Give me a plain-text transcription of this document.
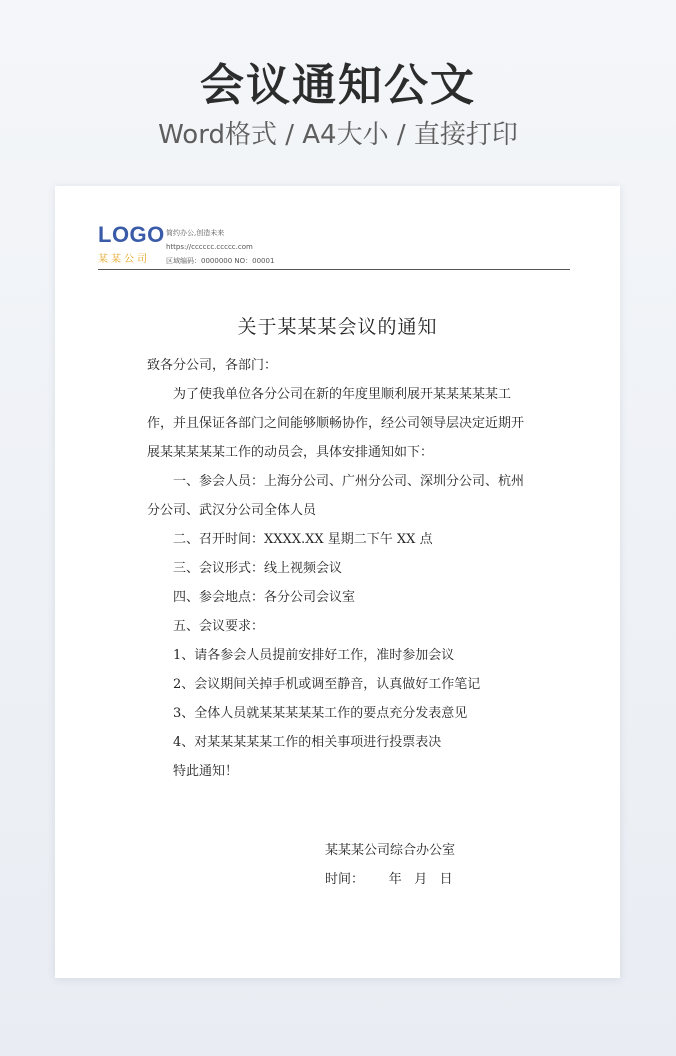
会议通知公文
Word格式 / A4大小 / 直接打印
LOGO
某某公司
简约办公,创造未来
https://cccccc.ccccc.com
区域编码：0000000 NO：00001
关于某某某会议的通知

致各分公司，各部门：

为了使我单位各分公司在新的年度里顺利展开某某某某某工作，并且保证各部门之间能够顺畅协作，经公司领导层决定近期开展某某某某某工作的动员会，具体安排通知如下：

一、参会人员：上海分公司、广州分公司、深圳分公司、杭州分公司、武汉分公司全体人员

二、召开时间：XXXX.XX 星期二下午 XX 点

三、会议形式：线上视频会议

四、参会地点：各分公司会议室

五、会议要求：

1、请各参会人员提前安排好工作，准时参加会议

2、会议期间关掉手机或调至静音，认真做好工作笔记

3、全体人员就某某某某某工作的要点充分发表意见

4、对某某某某某工作的相关事项进行投票表决

特此通知！

某某某公司综合办公室

时间：      年   月   日
